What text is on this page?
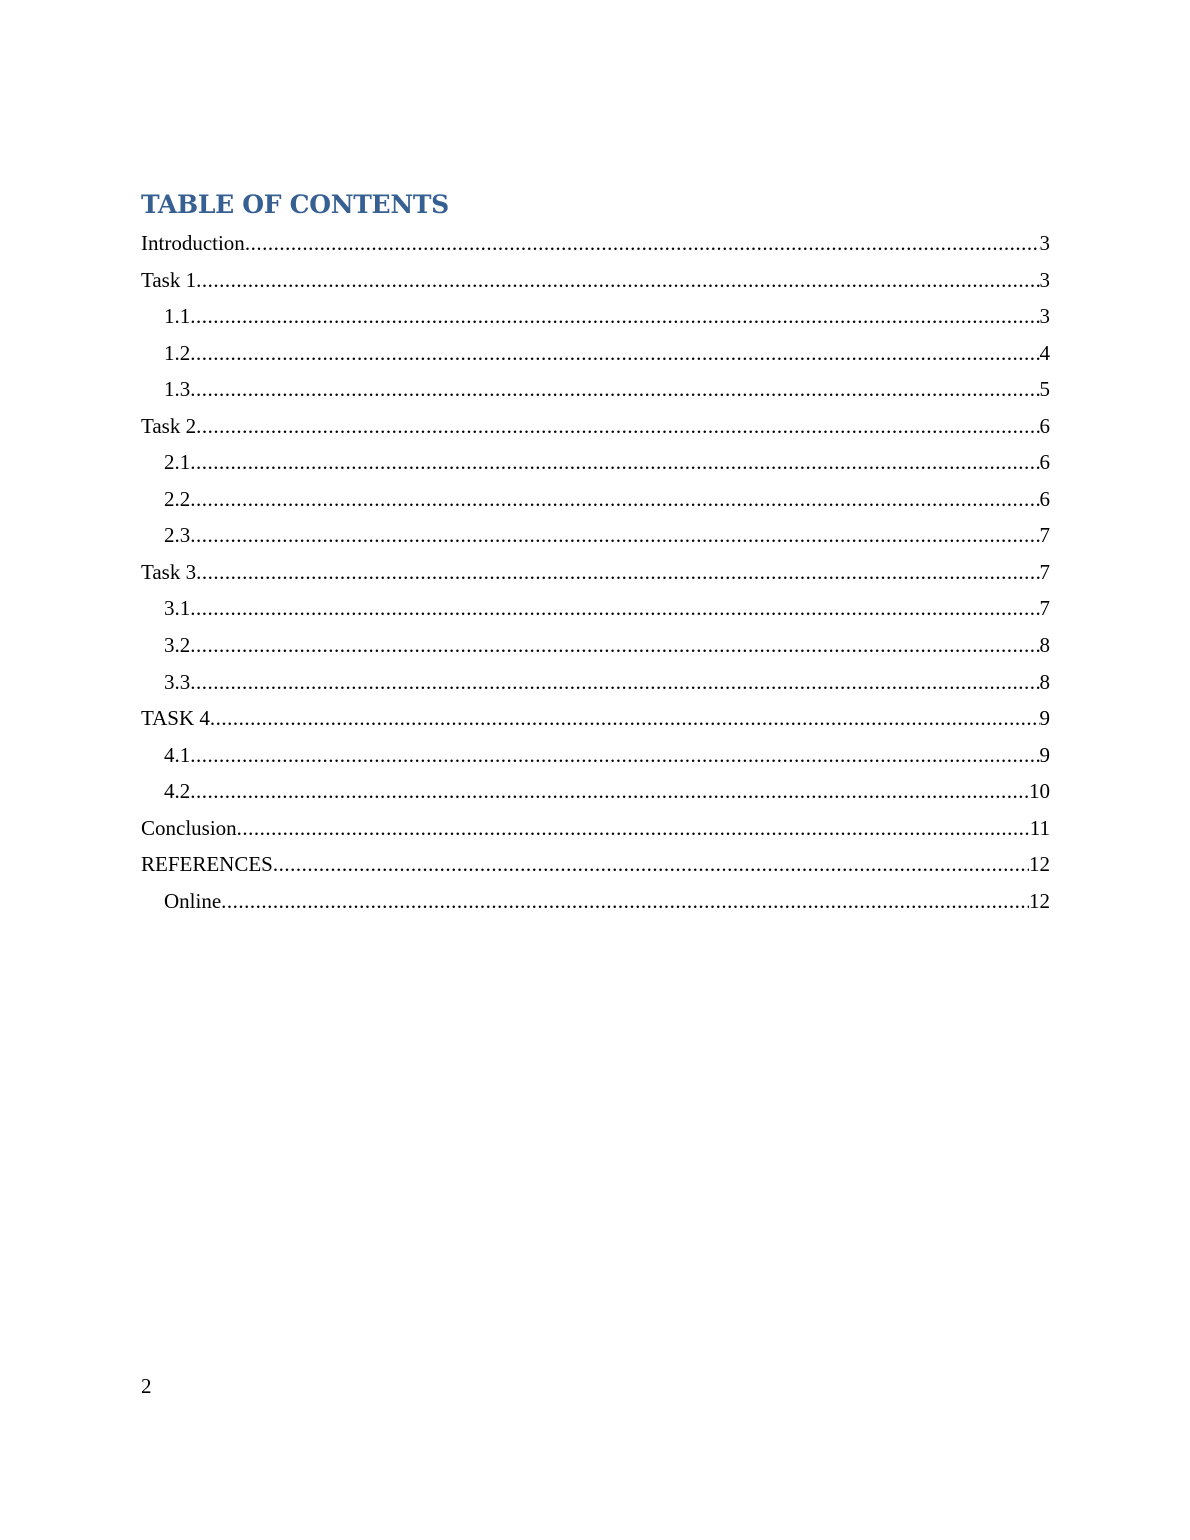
TABLE OF CONTENTS
Introduction .....	3
Task 1 .....	3
1.1 .....	3
1.2 .....	4
1.3 .....	5
Task 2 .....	6
2.1 .....	6
2.2 .....	6
2.3 .....	7
Task 3 .....	7
3.1 .....	7
3.2 .....	8
3.3 .....	8
TASK 4 .....	9
4.1 .....	9
4.2 .....	10
Conclusion .....	11
REFERENCES .....	12
Online .....	12
2
